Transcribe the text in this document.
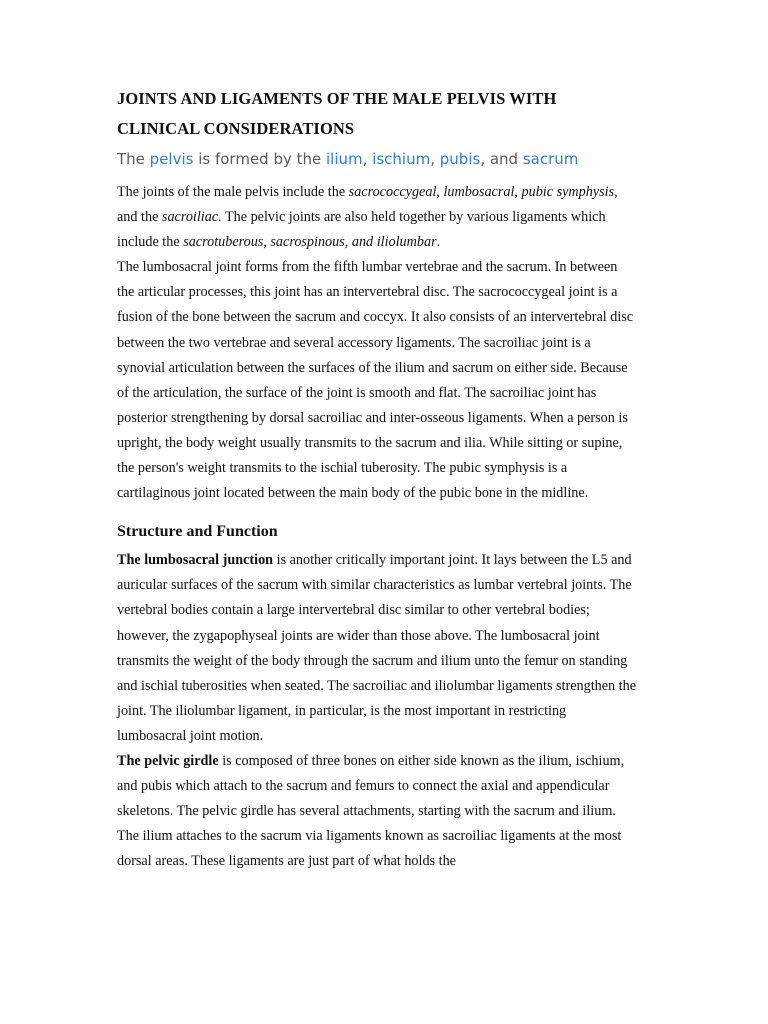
JOINTS AND LIGAMENTS OF THE MALE PELVIS WITH CLINICAL CONSIDERATIONS

The pelvis is formed by the ilium, ischium, pubis, and sacrum

The joints of the male pelvis include the sacrococcygeal, lumbosacral, pubic symphysis, and the sacroiliac. The pelvic joints are also held together by various ligaments which include the sacrotuberous, sacrospinous, and iliolumbar.

The lumbosacral joint forms from the fifth lumbar vertebrae and the sacrum. In between the articular processes, this joint has an intervertebral disc. The sacrococcygeal joint is a fusion of the bone between the sacrum and coccyx. It also consists of an intervertebral disc between the two vertebrae and several accessory ligaments. The sacroiliac joint is a synovial articulation between the surfaces of the ilium and sacrum on either side. Because of the articulation, the surface of the joint is smooth and flat. The sacroiliac joint has posterior strengthening by dorsal sacroiliac and inter-osseous ligaments. When a person is upright, the body weight usually transmits to the sacrum and ilia. While sitting or supine, the person's weight transmits to the ischial tuberosity. The pubic symphysis is a cartilaginous joint located between the main body of the pubic bone in the midline.

Structure and Function

The lumbosacral junction is another critically important joint. It lays between the L5 and auricular surfaces of the sacrum with similar characteristics as lumbar vertebral joints. The vertebral bodies contain a large intervertebral disc similar to other vertebral bodies; however, the zygapophyseal joints are wider than those above. The lumbosacral joint transmits the weight of the body through the sacrum and ilium unto the femur on standing and ischial tuberosities when seated. The sacroiliac and iliolumbar ligaments strengthen the joint. The iliolumbar ligament, in particular, is the most important in restricting lumbosacral joint motion.

The pelvic girdle is composed of three bones on either side known as the ilium, ischium, and pubis which attach to the sacrum and femurs to connect the axial and appendicular skeletons. The pelvic girdle has several attachments, starting with the sacrum and ilium. The ilium attaches to the sacrum via ligaments known as sacroiliac ligaments at the most dorsal areas. These ligaments are just part of what holds the
